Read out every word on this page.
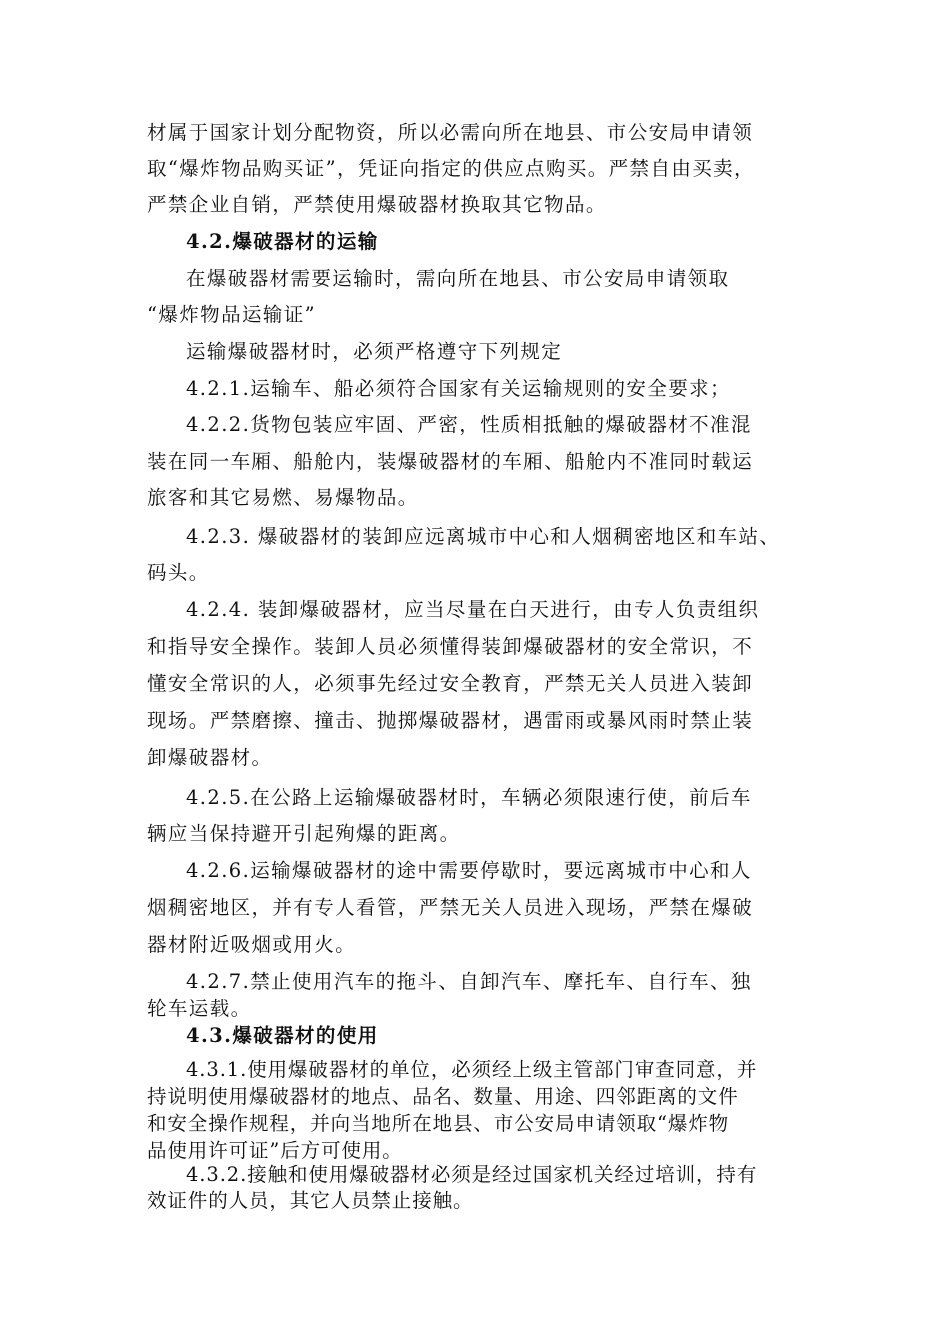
材属于国家计划分配物资，所以必需向所在地县、市公安局申请领

取“爆炸物品购买证”，凭证向指定的供应点购买。严禁自由买卖，

严禁企业自销，严禁使用爆破器材换取其它物品。

4.2.爆破器材的运输

在爆破器材需要运输时，需向所在地县、市公安局申请领取

“爆炸物品运输证”

运输爆破器材时，必须严格遵守下列规定

4.2.1.运输车、船必须符合国家有关运输规则的安全要求；

4.2.2.货物包装应牢固、严密，性质相抵触的爆破器材不准混

装在同一车厢、船舱内，装爆破器材的车厢、船舱内不准同时载运

旅客和其它易燃、易爆物品。

4.2.3. 爆破器材的装卸应远离城市中心和人烟稠密地区和车站、

码头。

4.2.4. 装卸爆破器材，应当尽量在白天进行，由专人负责组织

和指导安全操作。装卸人员必须懂得装卸爆破器材的安全常识，不

懂安全常识的人，必须事先经过安全教育，严禁无关人员进入装卸

现场。严禁磨擦、撞击、抛掷爆破器材，遇雷雨或暴风雨时禁止装

卸爆破器材。

4.2.5.在公路上运输爆破器材时，车辆必须限速行使，前后车

辆应当保持避开引起殉爆的距离。

4.2.6.运输爆破器材的途中需要停歇时，要远离城市中心和人

烟稠密地区，并有专人看管，严禁无关人员进入现场，严禁在爆破

器材附近吸烟或用火。

4.2.7.禁止使用汽车的拖斗、自卸汽车、摩托车、自行车、独

轮车运载。

4.3.爆破器材的使用

4.3.1.使用爆破器材的单位，必须经上级主管部门审查同意，并

持说明使用爆破器材的地点、品名、数量、用途、四邻距离的文件

和安全操作规程，并向当地所在地县、市公安局申请领取“爆炸物

品使用许可证”后方可使用。

4.3.2.接触和使用爆破器材必须是经过国家机关经过培训，持有

效证件的人员，其它人员禁止接触。
